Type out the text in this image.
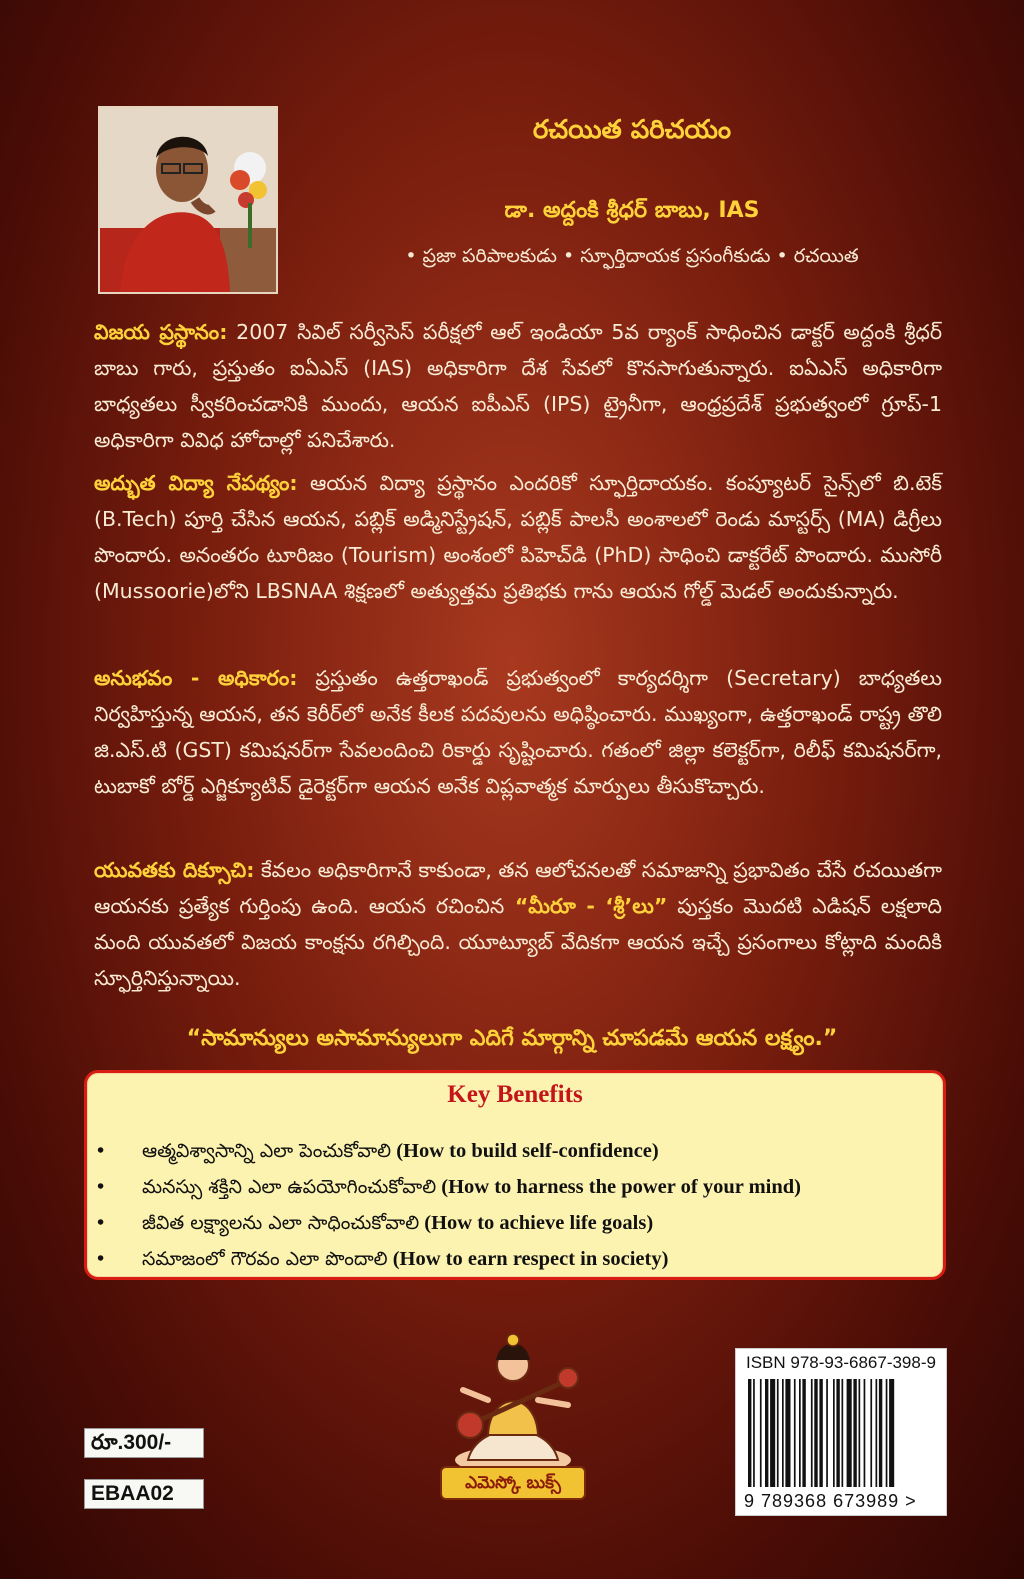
రచయిత పరిచయం
డా. అద్దంకి శ్రీధర్ బాబు, IAS
• ప్రజా పరిపాలకుడు • స్ఫూర్తిదాయక ప్రసంగీకుడు • రచయిత
విజయ ప్రస్థానం: 2007 సివిల్ సర్వీసెస్ పరీక్షలో ఆల్ ఇండియా 5వ ర్యాంక్ సాధించిన డాక్టర్ అద్దంకి శ్రీధర్ బాబు గారు, ప్రస్తుతం ఐఏఎస్ (IAS) అధికారిగా దేశ సేవలో కొనసాగుతున్నారు. ఐఏఎస్ అధికారిగా బాధ్యతలు స్వీకరించడానికి ముందు, ఆయన ఐపీఎస్ (IPS) ట్రైనీగా, ఆంధ్రప్రదేశ్ ప్రభుత్వంలో గ్రూప్-1 అధికారిగా వివిధ హోదాల్లో పనిచేశారు.
అద్భుత విద్యా నేపథ్యం: ఆయన విద్యా ప్రస్థానం ఎందరికో స్ఫూర్తిదాయకం. కంప్యూటర్ సైన్స్‌లో బి.టెక్ (B.Tech) పూర్తి చేసిన ఆయన, పబ్లిక్ అడ్మినిస్ట్రేషన్, పబ్లిక్ పాలసీ అంశాలలో రెండు మాస్టర్స్ (MA) డిగ్రీలు పొందారు. అనంతరం టూరిజం (Tourism) అంశంలో పిహెచ్‌డి (PhD) సాధించి డాక్టరేట్ పొందారు. ముసోరీ (Mussoorie)లోని LBSNAA శిక్షణలో అత్యుత్తమ ప్రతిభకు గాను ఆయన గోల్డ్ మెడల్ అందుకున్నారు.
అనుభవం - అధికారం: ప్రస్తుతం ఉత్తరాఖండ్ ప్రభుత్వంలో కార్యదర్శిగా (Secretary) బాధ్యతలు నిర్వహిస్తున్న ఆయన, తన కెరీర్‌లో అనేక కీలక పదవులను అధిష్ఠించారు. ముఖ్యంగా, ఉత్తరాఖండ్ రాష్ట్ర తొలి జి.ఎస్.టి (GST) కమిషనర్‌గా సేవలందించి రికార్డు సృష్టించారు. గతంలో జిల్లా కలెక్టర్‌గా, రిలీఫ్ కమిషనర్‌గా, టుబాకో బోర్డ్ ఎగ్జిక్యూటివ్ డైరెక్టర్‌గా ఆయన అనేక విప్లవాత్మక మార్పులు తీసుకొచ్చారు.
యువతకు దిక్సూచి: కేవలం అధికారిగానే కాకుండా, తన ఆలోచనలతో సమాజాన్ని ప్రభావితం చేసే రచయితగా ఆయనకు ప్రత్యేక గుర్తింపు ఉంది. ఆయన రచించిన “మీరూ - ‘శ్రీ’లు” పుస్తకం మొదటి ఎడిషన్ లక్షలాది మంది యువతలో విజయ కాంక్షను రగిల్చింది. యూట్యూబ్ వేదికగా ఆయన ఇచ్చే ప్రసంగాలు కోట్లాది మందికి స్ఫూర్తినిస్తున్నాయి.
“సామాన్యులు అసామాన్యులుగా ఎదిగే మార్గాన్ని చూపడమే ఆయన లక్ష్యం.”
Key Benefits
• ఆత్మవిశ్వాసాన్ని ఎలా పెంచుకోవాలి (How to build self-confidence)
• మనస్సు శక్తిని ఎలా ఉపయోగించుకోవాలి (How to harness the power of your mind)
• జీవిత లక్ష్యాలను ఎలా సాధించుకోవాలి (How to achieve life goals)
• సమాజంలో గౌరవం ఎలా పొందాలి (How to earn respect in society)
ఎమెస్కో బుక్స్
రూ.300/-
EBAA02
ISBN 978-93-6867-398-9
9 789368 673989 >
